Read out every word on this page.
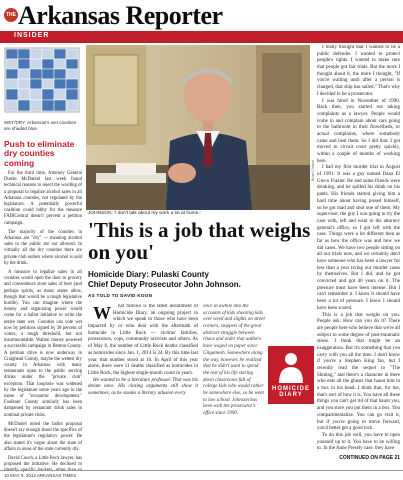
THE Arkansas Reporter
INSIDER
WET/DRY: Arkansas's wet counties are shaded blue.
Push to eliminate dry counties coming

For the third time, Attorney General Dustin McDaniel last week found technical reasons to reject the wording of a proposal to legalize alcohol sales in all Arkansas counties, not regulated by the legislature. A potentially powerful coalition could lobby for the measure FAIRCentral doesn't prevent a petition campaign.

The majority of the counties in Arkansas are "dry" — meaning alcohol sales to the public are not allowed. In virtually all the dry counties there are private club outlets where alcohol is sold by the drink.

A measure to legalize sales in all counties would open the door to grocery and convenience store sales of beer (and perhaps spirits, as many states allow, though that would be a tough legislative hurdle). You can imagine where the money and organizing power would come for a ballot initiative to write the entire state wet. Counties can vote wet now by petitions signed by 38 percent of voters, a tough threshold, but not insurmountable. Walton money powered a successful campaign in Benton County. A petition drive is now underway in Craighead County, maybe the wettest dry county in Arkansas with many restaurants open to the public serving drinks under the "private club" exception. That loophole was widened by the legislature some years ago in the name of "economic development." Faulkner County similarly has been dampened by restaurant drink sales in nominal private clubs.

McDaniel noted the ballot proposal doesn't say enough about the specifics of the legislature's regulatory power. He also stated it's vague about the state of affairs in areas of the state currently dry.

David Couch, a Little Rock lawyer, has proposed the initiative. He declined to

Brian Chilson
JOHNSON: 'I don't talk about my work a lot at home.'
'This is a job that weighs on you'
Homicide Diary: Pulaski County
Chief Deputy Prosecutor John Johnson.
AS TOLD TO DAVID KOON

W hat follows is the latest installment of Homicide Diary, an ongoing project in which we speak to those who have been impacted by or who deal with the aftermath of homicide in Little Rock — victims' families, prosecutors, cops, community activists and others. As of May 8, the number of Little Rock deaths classified as homicides since Jan. 1, 2014 is 24. By this time last year, that number stood at 16. In April of this year alone, there were 11 deaths classified as homicides in Little Rock, the highest single-month count in years.

He wanted to be a literature professor. That was his dream once. His closing arguments still show it sometimes, as he sneaks a literary allusion every

once in awhile into the accounts of kids shooting kids over weed and slights on street corners, snippets of the great abstract struggle between chaos and order that authors have waged on paper since Gilgamesh. Somewhere along the way, however, he realized that he didn't want to spend the rest of his life staring down classrooms full of college kids who would rather be somewhere else, so he went to law school. Johnson has been with the prosecutor's office since 1990.

HOMICIDE DIARY

I really thought that I wanted to be a public defender. I wanted to protect people's rights. I wanted to make sure that people got fair trials. But the more I thought about it, the more I thought, "If you're waiting until after a person is charged, that ship has sailed." That's why I decided to be a prosecutor.

I was hired in November of 1990. Back then, you started out taking complaints as a lawyer. People would come in and complain about cars going to the bathroom in their flowerbeds, or actual complaints, where somebody came and beat them. So I did that. I got moved to circuit court pretty quickly, within a couple of months of working here.

I had my first murder trial in August of 1991. It was a guy named Dana El Greco Frazier. He and some friends were drinking, and he spilled his drink on his pants. His friends started giving him a hard time about having pissed himself, so he got mad and shot one of them. My supervisor, the guy I was going to try the case with, left and went to the attorney general's office, so I got left with the case. Things were a lot different then as far as how the office was and how we did cases. We have two people sitting on all our trials now, and we certainly don't have someone who has been a lawyer for less than a year trying our murder cases by themselves. But I did, and he got convicted and got 40 years on it. The pressure must have been intense. But I can't remember it. I know it should have been a lot of pressure. I know I should have been scared.

This is a job that weighs on you. People ask: How can you do it? There are people here who believe that we're all subject to some degree of post-traumatic stress. I think that might be an exaggeration. But it's something that you carry with you all the time. I don't know if you're a Stephen King fan, but I recently read the sequel to "The Shining," and there's a character in there who eats all the ghosts that haunt him in a box in his head. I think that, for me, that's sort of how it is. You have all these things you can't get rid of that haunt you, and you store you put them in a box. You compartmentalize. You can go visit it, but if you're going to move forward, you'd better get a good lock.

To do this job well, you have to open yourself up to it. You have to be willing to. In the Anne Presely case, they have

CONTINUED ON PAGE 21
10 MAY 8, 2014 ARKANSAS TIMES
